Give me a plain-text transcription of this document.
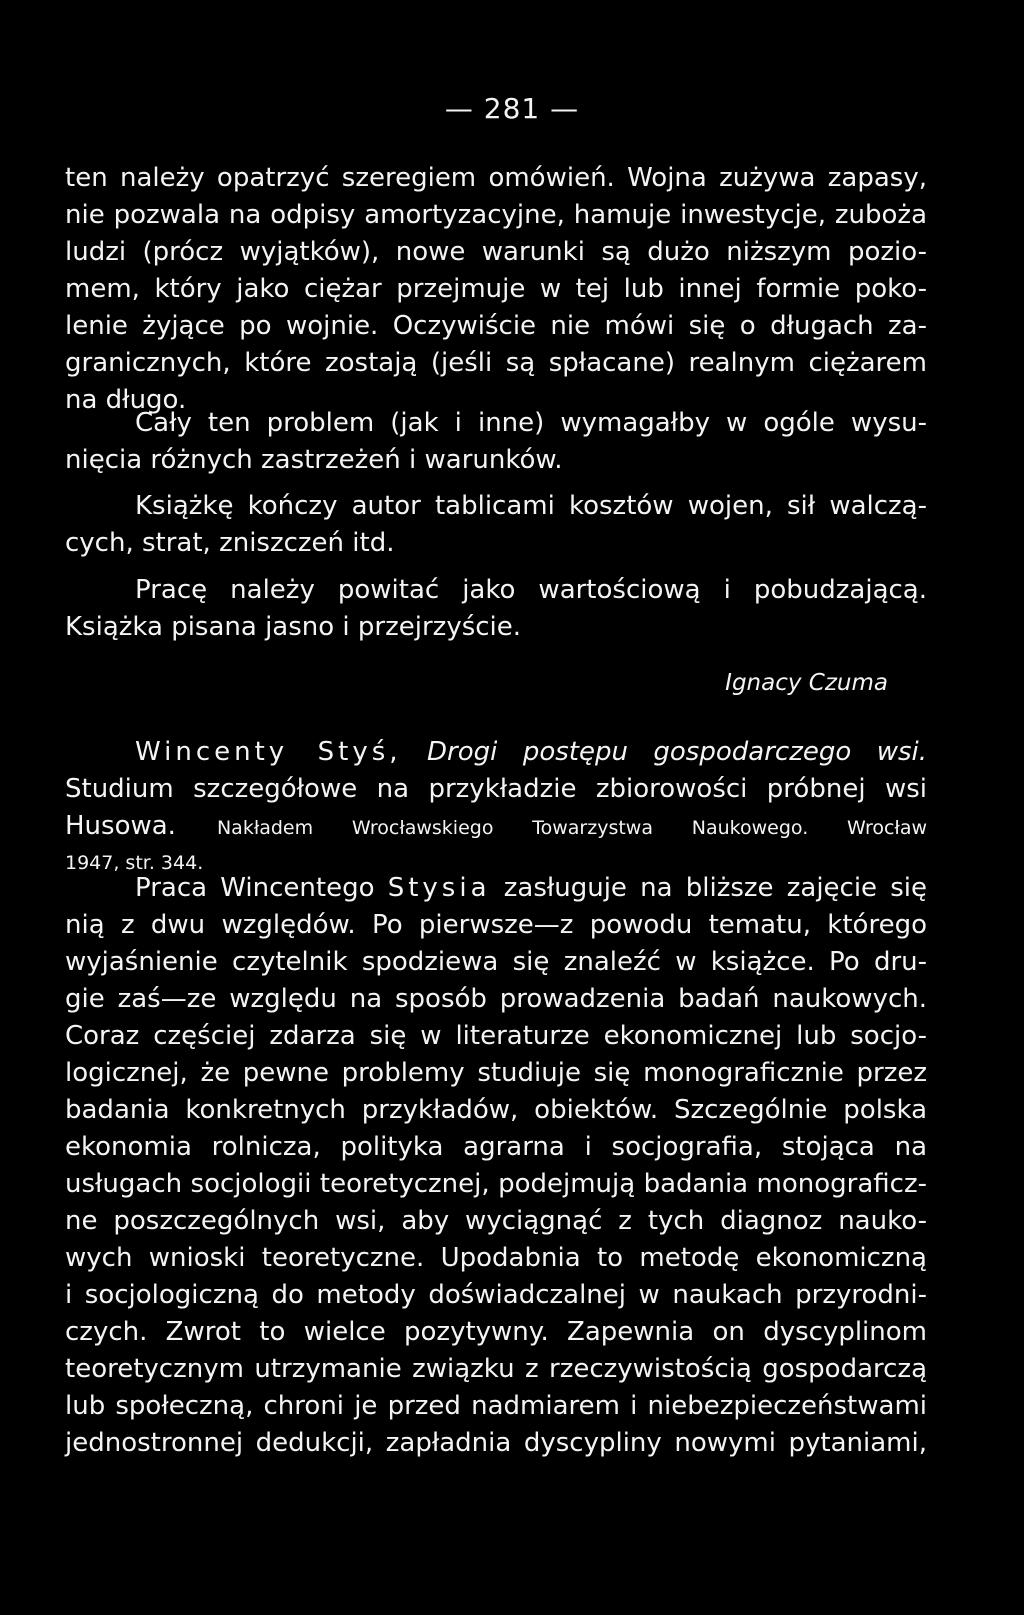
— 281 —
ten należy opatrzyć szeregiem omówień. Wojna zużywa zapasy,
nie pozwala na odpisy amortyzacyjne, hamuje inwestycje, zuboża
ludzi (prócz wyjątków), nowe warunki są dużo niższym pozio-
mem, który jako ciężar przejmuje w tej lub innej formie poko-
lenie żyjące po wojnie. Oczywiście nie mówi się o długach za-
granicznych, które zostają (jeśli są spłacane) realnym ciężarem
na długo.
Cały ten problem (jak i inne) wymagałby w ogóle wysu-
nięcia różnych zastrzeżeń i warunków.
Książkę kończy autor tablicami kosztów wojen, sił walczą-
cych, strat, zniszczeń itd.
Pracę należy powitać jako wartościową i pobudzającą.
Książka pisana jasno i przejrzyście.
Ignacy Czuma
Wincenty Styś, Drogi postępu gospodarczego wsi.
Studium szczegółowe na przykładzie zbiorowości próbnej wsi
Husowa. Nakładem Wrocławskiego Towarzystwa Naukowego. Wrocław
1947, str. 344.
Praca Wincentego Stysia zasługuje na bliższe zajęcie się
nią z dwu względów. Po pierwsze—z powodu tematu, którego
wyjaśnienie czytelnik spodziewa się znaleźć w książce. Po dru-
gie zaś—ze względu na sposób prowadzenia badań naukowych.
Coraz częściej zdarza się w literaturze ekonomicznej lub socjo-
logicznej, że pewne problemy studiuje się monograficznie przez
badania konkretnych przykładów, obiektów. Szczególnie polska
ekonomia rolnicza, polityka agrarna i socjografia, stojąca na
usługach socjologii teoretycznej, podejmują badania monograficz-
ne poszczególnych wsi, aby wyciągnąć z tych diagnoz nauko-
wych wnioski teoretyczne. Upodabnia to metodę ekonomiczną
i socjologiczną do metody doświadczalnej w naukach przyrodni-
czych. Zwrot to wielce pozytywny. Zapewnia on dyscyplinom
teoretycznym utrzymanie związku z rzeczywistością gospodarczą
lub społeczną, chroni je przed nadmiarem i niebezpieczeństwami
jednostronnej dedukcji, zapładnia dyscypliny nowymi pytaniami,
